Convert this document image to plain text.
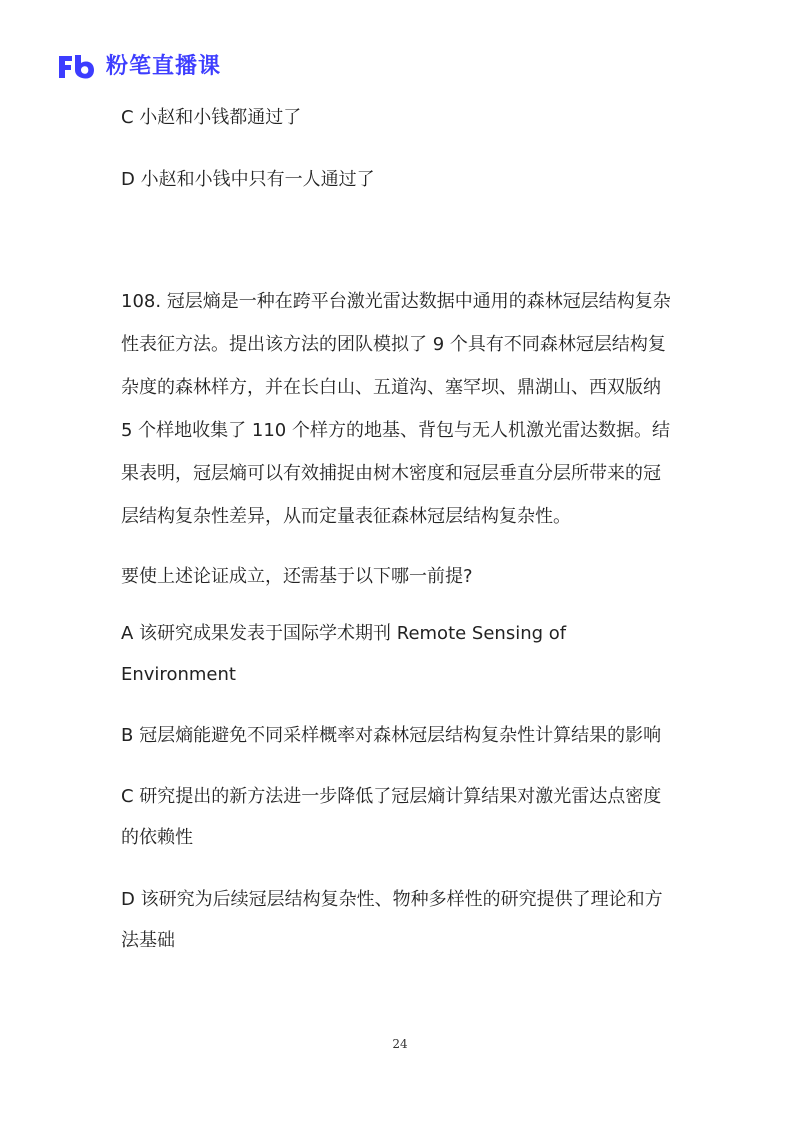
粉笔直播课
C 小赵和小钱都通过了
D 小赵和小钱中只有一人通过了
108. 冠层熵是一种在跨平台激光雷达数据中通用的森林冠层结构复杂
性表征方法。提出该方法的团队模拟了 9 个具有不同森林冠层结构复
杂度的森林样方，并在长白山、五道沟、塞罕坝、鼎湖山、西双版纳
5 个样地收集了 110 个样方的地基、背包与无人机激光雷达数据。结
果表明，冠层熵可以有效捕捉由树木密度和冠层垂直分层所带来的冠
层结构复杂性差异，从而定量表征森林冠层结构复杂性。
要使上述论证成立，还需基于以下哪一前提?
A 该研究成果发表于国际学术期刊 Remote Sensing of
Environment
B 冠层熵能避免不同采样概率对森林冠层结构复杂性计算结果的影响
C 研究提出的新方法进一步降低了冠层熵计算结果对激光雷达点密度
的依赖性
D 该研究为后续冠层结构复杂性、物种多样性的研究提供了理论和方
法基础
24
